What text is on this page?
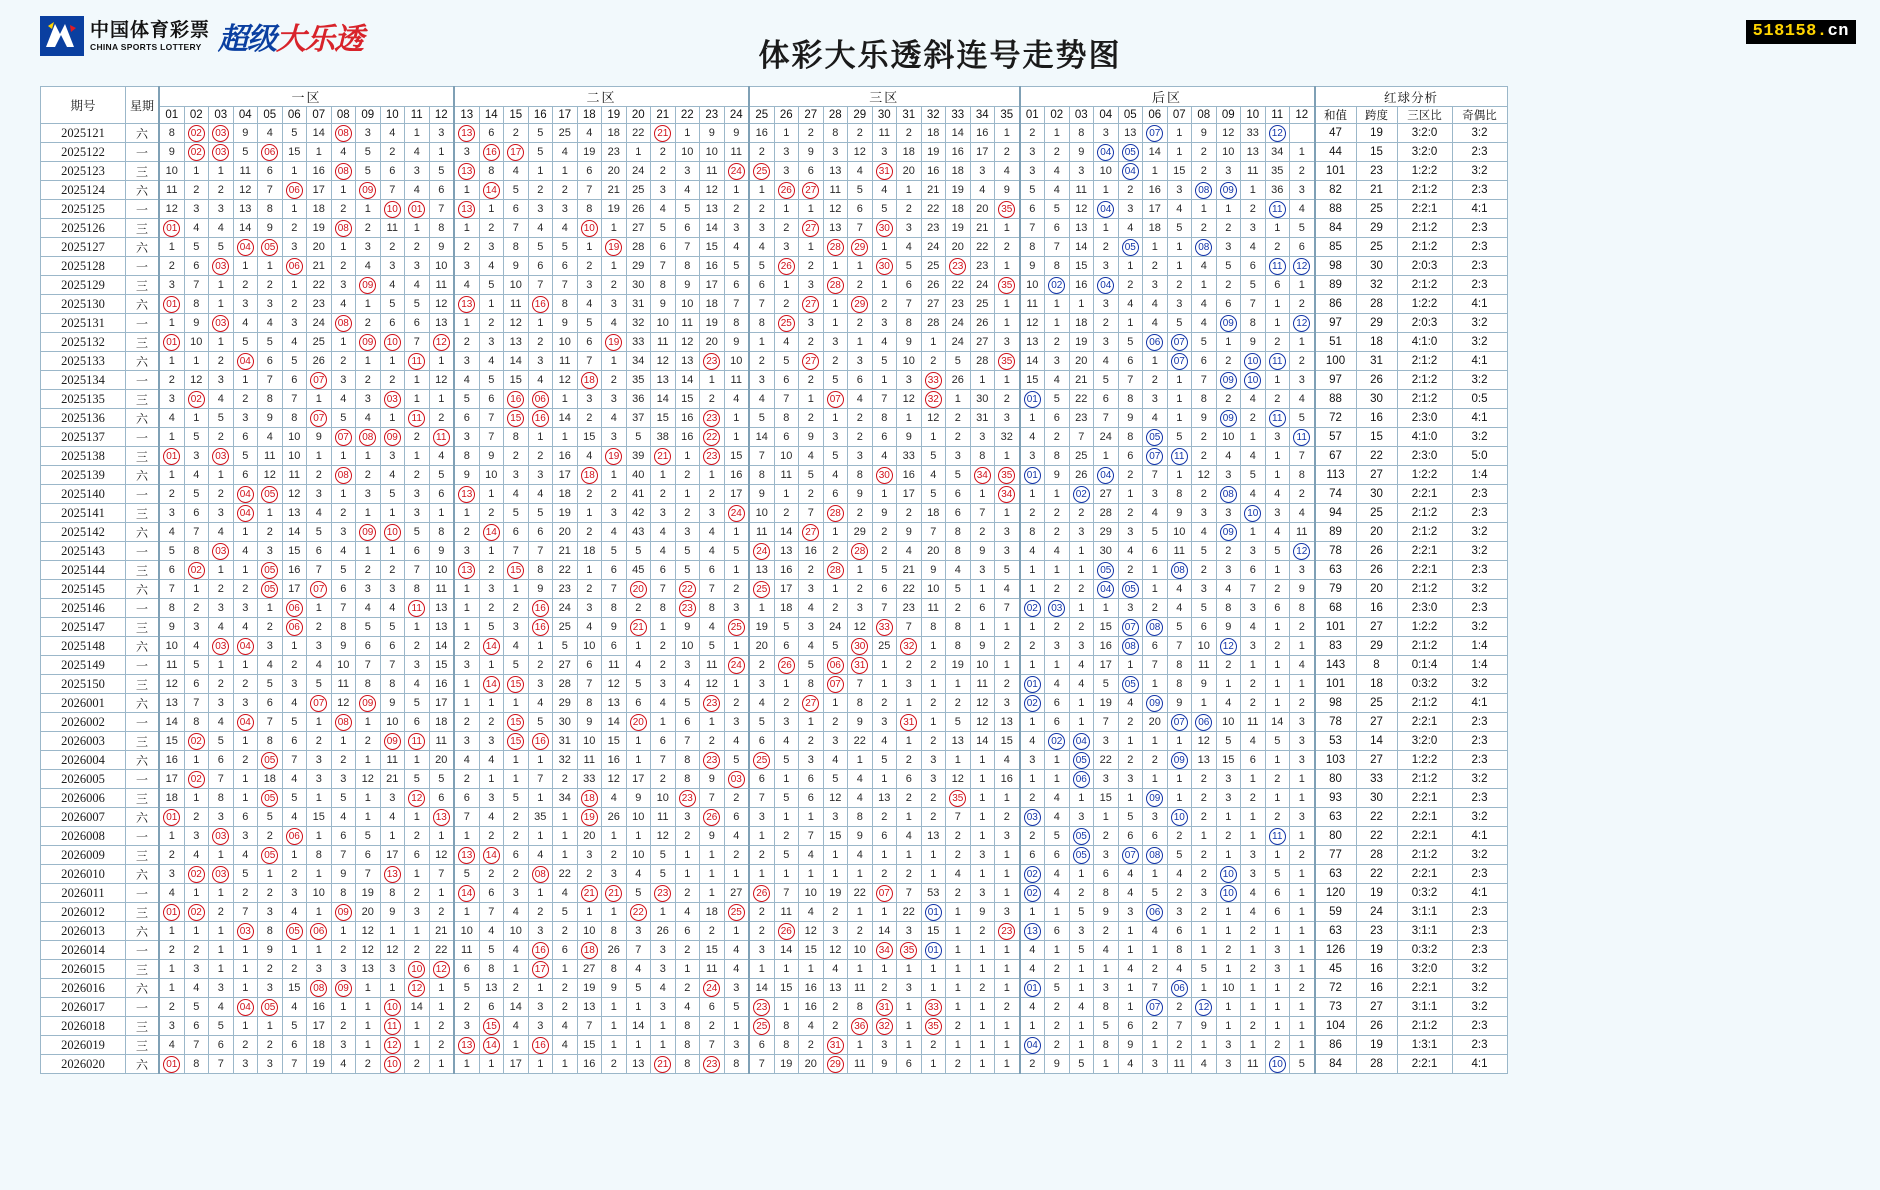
中国体育彩票
CHINA SPORTS LOTTERY 超级大乐透	体彩大乐透斜连号走势图
518158.cn
期号	星期	一区												二区												三区											后区												红球分析			
		01	02	03	04	05	06	07	08	09	10	11	12	13	14	15	16	17	18	19	20	21	22	23	24	25	26	27	28	29	30	31	32	33	34	35	01	02	03	04	05	06	07	08	09	10	11	12	和值	跨度	三区比	奇偶比
2025121	六	8	02	03	9	4	5	14	08	3	4	1	3	13	6	2	5	25	4	18	22	21	1	9	9	16	1	2	8	2	11	2	18	14	16	1	2	1	8	3	13	07	1	9	12	33	12		47	19	3:2:0	3:2
2025122	一	9	02	03	5	06	15	1	4	5	2	4	1	3	16	17	5	4	19	23	1	2	10	10	11	2	3	9	3	12	3	18	19	16	17	2	3	2	9	04	05	14	1	2	10	13	34	1	44	15	3:2:0	2:3
2025123	三	10	1	1	11	6	1	16	08	5	6	3	5	13	8	4	1	1	6	20	24	2	3	11	24	25	3	6	13	4	31	20	16	18	3	4	3	4	3	10	04	1	15	2	3	11	35	2	101	23	1:2:2	3:2
2025124	六	11	2	2	12	7	06	17	1	09	7	4	6	1	14	5	2	2	7	21	25	3	4	12	1	1	26	27	11	5	4	1	21	19	4	9	5	4	11	1	2	16	3	08	09	1	36	3	82	21	2:1:2	2:3
2025125	一	12	3	3	13	8	1	18	2	1	10	01	7	13	1	6	3	3	8	19	26	4	5	13	2	2	1	1	12	6	5	2	22	18	20	35	6	5	12	04	3	17	4	1	1	2	11	4	88	25	2:2:1	4:1
2025126	三	01	4	4	14	9	2	19	08	2	11	1	8	1	2	7	4	4	10	1	27	5	6	14	3	3	2	27	13	7	30	3	23	19	21	1	7	6	13	1	4	18	5	2	2	3	1	5	84	29	2:1:2	2:3
2025127	六	1	5	5	04	05	3	20	1	3	2	2	9	2	3	8	5	5	1	19	28	6	7	15	4	4	3	1	28	29	1	4	24	20	22	2	8	7	14	2	05	1	1	08	3	4	2	6	85	25	2:1:2	2:3
2025128	一	2	6	03	1	1	06	21	2	4	3	3	10	3	4	9	6	6	2	1	29	7	8	16	5	5	26	2	1	1	30	5	25	23	23	1	9	8	15	3	1	2	1	4	5	6	11	12	98	30	2:0:3	2:3
2025129	三	3	7	1	2	2	1	22	3	09	4	4	11	4	5	10	7	7	3	2	30	8	9	17	6	6	1	3	28	2	1	6	26	22	24	35	10	02	16	04	2	3	2	1	2	5	6	1	89	32	2:1:2	2:3
2025130	六	01	8	1	3	3	2	23	4	1	5	5	12	13	1	11	16	8	4	3	31	9	10	18	7	7	2	27	1	29	2	7	27	23	25	1	11	1	1	3	4	4	3	4	6	7	1	2	86	28	1:2:2	4:1
2025131	一	1	9	03	4	4	3	24	08	2	6	6	13	1	2	12	1	9	5	4	32	10	11	19	8	8	25	3	1	2	3	8	28	24	26	1	12	1	18	2	1	4	5	4	09	8	1	12	97	29	2:0:3	3:2
2025132	三	01	10	1	5	5	4	25	1	09	10	7	12	2	3	13	2	10	6	19	33	11	12	20	9	1	4	2	3	1	4	9	1	24	27	3	13	2	19	3	5	06	07	5	1	9	2	1	51	18	4:1:0	3:2
2025133	六	1	1	2	04	6	5	26	2	1	1	11	1	3	4	14	3	11	7	1	34	12	13	23	10	2	5	27	2	3	5	10	2	5	28	35	14	3	20	4	6	1	07	6	2	10	11	2	100	31	2:1:2	4:1
2025134	一	2	12	3	1	7	6	07	3	2	2	1	12	4	5	15	4	12	18	2	35	13	14	1	11	3	6	2	5	6	1	3	33	26	1	1	15	4	21	5	7	2	1	7	09	10	1	3	97	26	2:1:2	3:2
2025135	三	3	02	4	2	8	7	1	4	3	03	1	1	5	6	16	06	1	3	3	36	14	15	2	4	4	7	1	07	4	7	12	32	1	30	2	01	5	22	6	8	3	1	8	2	4	2	4	88	30	2:1:2	0:5
2025136	六	4	1	5	3	9	8	07	5	4	1	11	2	6	7	15	16	14	2	4	37	15	16	23	1	5	8	2	1	2	8	1	12	2	31	3	1	6	23	7	9	4	1	9	09	2	11	5	72	16	2:3:0	4:1
2025137	一	1	5	2	6	4	10	9	07	08	09	2	11	3	7	8	1	1	15	3	5	38	16	22	1	14	6	9	3	2	6	9	1	2	3	32	4	2	7	24	8	05	5	2	10	1	3	11	57	15	4:1:0	3:2
2025138	三	01	3	03	5	11	10	1	1	1	3	1	4	8	9	2	2	16	4	19	39	21	1	23	15	7	10	4	5	3	4	33	5	3	8	1	3	8	25	1	6	07	11	2	4	4	1	7	67	22	2:3:0	5:0
2025139	六	1	4	1	6	12	11	2	08	2	4	2	5	9	10	3	3	17	18	1	40	1	2	1	16	8	11	5	4	8	30	16	4	5	34	35	01	9	26	04	2	7	1	12	3	5	1	8	113	27	1:2:2	1:4
2025140	一	2	5	2	04	05	12	3	1	3	5	3	6	13	1	4	4	18	2	2	41	2	1	2	17	9	1	2	6	9	1	17	5	6	1	34	1	1	02	27	1	3	8	2	08	4	4	2	74	30	2:2:1	2:3
2025141	三	3	6	3	04	1	13	4	2	1	1	3	1	1	2	5	5	19	1	3	42	3	2	3	24	10	2	7	28	2	9	2	18	6	7	1	2	2	2	28	2	4	9	3	3	10	3	4	94	25	2:1:2	2:3
2025142	六	4	7	4	1	2	14	5	3	09	10	5	8	2	14	6	6	20	2	4	43	4	3	4	1	11	14	27	1	29	2	9	7	8	2	3	8	2	3	29	3	5	10	4	09	1	4	11	89	20	2:1:2	3:2
2025143	一	5	8	03	4	3	15	6	4	1	1	6	9	3	1	7	7	21	18	5	5	4	5	4	5	24	13	16	2	28	2	4	20	8	9	3	4	4	1	30	4	6	11	5	2	3	5	12	78	26	2:2:1	3:2
2025144	三	6	02	1	1	05	16	7	5	2	2	7	10	13	2	15	8	22	1	6	45	6	5	6	1	13	16	2	28	1	5	21	9	4	3	5	1	1	1	05	2	1	08	2	3	6	1	3	63	26	2:2:1	2:3
2025145	六	7	1	2	2	05	17	07	6	3	3	8	11	1	3	1	9	23	2	7	20	7	22	7	2	25	17	3	1	2	6	22	10	5	1	4	1	2	2	04	05	1	4	3	4	7	2	9	79	20	2:1:2	3:2
2025146	一	8	2	3	3	1	06	1	7	4	4	11	13	1	2	2	16	24	3	8	2	8	23	8	3	1	18	4	2	3	7	23	11	2	6	7	02	03	1	1	3	2	4	5	8	3	6	8	68	16	2:3:0	2:3
2025147	三	9	3	4	4	2	06	2	8	5	5	1	13	1	5	3	16	25	4	9	21	1	9	4	25	19	5	3	24	12	33	7	8	8	1	1	1	2	2	15	07	08	5	6	9	4	1	2	101	27	1:2:2	3:2
2025148	六	10	4	03	04	3	1	3	9	6	6	2	14	2	14	4	1	5	10	6	1	2	10	5	1	20	6	4	5	30	25	32	1	8	9	2	2	3	3	16	08	6	7	10	12	3	2	1	83	29	2:1:2	1:4
2025149	一	11	5	1	1	4	2	4	10	7	7	3	15	3	1	5	2	27	6	11	4	2	3	11	24	2	26	5	06	31	1	2	2	19	10	1	1	1	4	17	1	7	8	11	2	1	1	4	143	8	0:1:4	1:4
2025150	三	12	6	2	2	5	3	5	11	8	8	4	16	1	14	15	3	28	7	12	5	3	4	12	1	3	1	8	07	7	1	3	1	1	11	2	01	4	4	5	05	1	8	9	1	2	1	1	101	18	0:3:2	3:2
2026001	六	13	7	3	3	6	4	07	12	09	9	5	17	1	1	1	4	29	8	13	6	4	5	23	2	4	2	27	1	8	2	1	2	2	12	3	02	6	1	19	4	09	9	1	4	2	1	2	98	25	2:1:2	4:1
2026002	一	14	8	4	04	7	5	1	08	1	10	6	18	2	2	15	5	30	9	14	20	1	6	1	3	5	3	1	2	9	3	31	1	5	12	13	1	6	1	7	2	20	07	06	10	11	14	3	78	27	2:2:1	2:3
2026003	三	15	02	5	1	8	6	2	1	2	09	11	11	3	3	15	16	31	10	15	1	6	7	2	4	6	4	2	3	22	4	1	2	13	14	15	4	02	04	3	1	1	1	12	5	4	5	3	53	14	3:2:0	2:3
2026004	六	16	1	6	2	05	7	3	2	1	11	1	20	4	4	1	1	32	11	16	1	7	8	23	5	25	5	3	4	1	5	2	3	1	1	4	3	1	05	22	2	2	09	13	15	6	1	3	103	27	1:2:2	2:3
2026005	一	17	02	7	1	18	4	3	3	12	21	5	5	2	1	1	7	2	33	12	17	2	8	9	03	6	1	6	5	4	1	6	3	12	1	16	1	1	06	3	3	1	1	2	3	1	2	1	80	33	2:1:2	3:2
2026006	三	18	1	8	1	05	5	1	5	1	3	12	6	6	3	5	1	34	18	4	9	10	23	7	2	7	5	6	12	4	13	2	2	35	1	1	2	4	1	15	1	09	1	2	3	2	1	1	93	30	2:2:1	2:3
2026007	六	01	2	3	6	5	4	15	4	1	4	1	13	7	4	2	35	1	19	26	10	11	3	26	6	3	1	1	3	8	2	1	2	7	1	2	03	4	3	1	5	3	10	2	1	1	2	3	63	22	2:2:1	3:2
2026008	一	1	3	03	3	2	06	1	6	5	1	2	1	1	2	2	1	1	20	1	1	12	2	9	4	1	2	7	15	9	6	4	13	2	1	3	2	5	05	2	6	6	2	1	2	1	11	1	80	22	2:2:1	4:1
2026009	三	2	4	1	4	05	1	8	7	6	17	6	12	13	14	6	4	1	3	2	10	5	1	1	2	2	5	4	1	4	1	1	1	2	3	1	6	6	05	3	07	08	5	2	1	3	1	2	77	28	2:1:2	3:2
2026010	六	3	02	03	5	1	2	1	9	7	13	1	7	5	2	2	08	22	2	3	4	5	1	1	1	1	1	1	1	1	2	2	1	4	1	1	02	4	1	6	4	1	4	2	10	3	5	1	63	22	2:2:1	2:3
2026011	一	4	1	1	2	2	3	10	8	19	8	2	1	14	6	3	1	4	21	21	5	23	2	1	27	26	7	10	19	22	07	7	53	2	3	1	02	4	2	8	4	5	2	3	10	4	6	1	120	19	0:3:2	4:1
2026012	三	01	02	2	7	3	4	1	09	20	9	3	2	1	7	4	2	5	1	1	22	1	4	18	25	2	11	4	2	1	1	22	01	1	9	3	1	1	5	9	3	06	3	2	1	4	6	1	59	24	3:1:1	2:3
2026013	六	1	1	1	03	8	05	06	1	12	1	1	21	10	4	10	3	2	10	8	3	26	6	2	1	2	26	12	3	2	14	3	15	1	2	23	13	6	3	2	1	4	6	1	1	2	1	1	63	23	3:1:1	2:3
2026014	一	2	2	1	1	9	1	1	2	12	12	2	22	11	5	4	16	6	18	26	7	3	2	15	4	3	14	15	12	10	34	35	01	1	1	1	4	1	5	4	1	1	8	1	2	1	3	1	126	19	0:3:2	2:3
2026015	三	1	3	1	1	2	2	3	3	13	3	10	12	6	8	1	17	1	27	8	4	3	1	11	4	1	1	1	4	1	1	1	1	1	1	1	4	2	1	1	4	2	4	5	1	2	3	1	45	16	3:2:0	3:2
2026016	六	1	4	3	1	3	15	08	09	1	1	12	1	5	13	2	1	2	19	9	5	4	2	24	3	14	15	16	13	11	2	3	1	1	2	1	01	5	1	3	1	7	06	1	10	1	1	2	72	16	2:2:1	3:2
2026017	一	2	5	4	04	05	4	16	1	1	10	14	1	2	6	14	3	2	13	1	1	3	4	6	5	23	1	16	2	8	31	1	33	1	1	2	4	2	4	8	1	07	2	12	1	1	1	1	73	27	3:1:1	3:2
2026018	三	3	6	5	1	1	5	17	2	1	11	1	2	3	15	4	3	4	7	1	14	1	8	2	1	25	8	4	2	36	32	1	35	2	1	1	1	2	1	5	6	2	7	9	1	2	1	1	104	26	2:1:2	2:3
2026019	三	4	7	6	2	2	6	18	3	1	12	1	2	13	14	1	16	4	15	1	1	1	8	7	3	6	8	2	31	1	3	1	2	1	1	1	04	2	1	8	9	1	2	1	3	1	2	1	86	19	1:3:1	2:3
2026020	六	01	8	7	3	3	7	19	4	2	10	2	1	1	1	17	1	1	16	2	13	21	8	23	8	7	19	20	29	11	9	6	1	2	1	1	2	9	5	1	4	3	11	4	3	11	10	5	84	28	2:2:1	4:1
